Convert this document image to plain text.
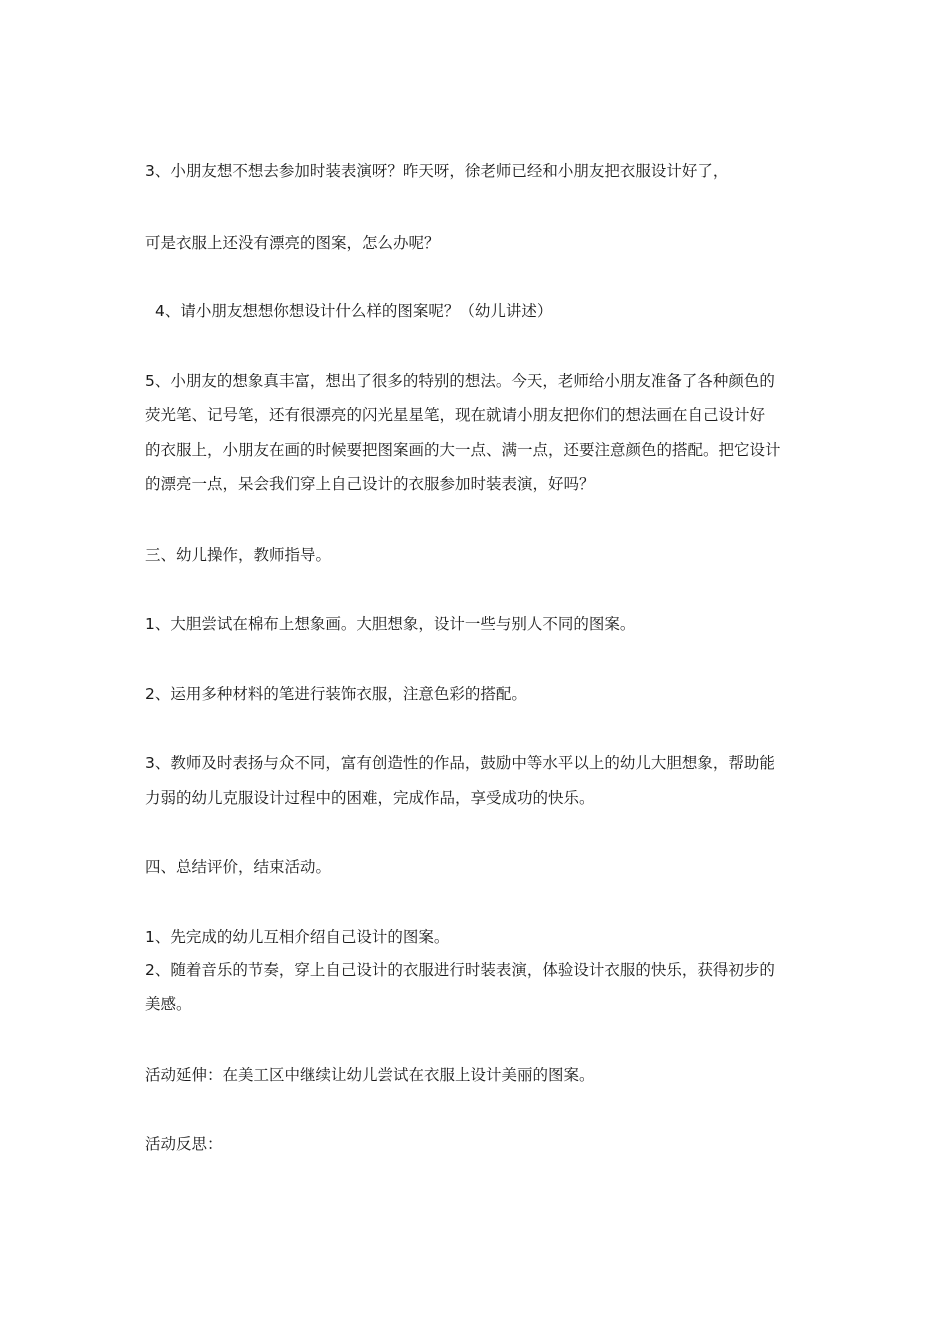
3、小朋友想不想去参加时装表演呀？昨天呀，徐老师已经和小朋友把衣服设计好了，
可是衣服上还没有漂亮的图案，怎么办呢？
4、请小朋友想想你想设计什么样的图案呢？（幼儿讲述）
5、小朋友的想象真丰富，想出了很多的特别的想法。今天，老师给小朋友准备了各种颜色的
荧光笔、记号笔，还有很漂亮的闪光星星笔，现在就请小朋友把你们的想法画在自己设计好
的衣服上，小朋友在画的时候要把图案画的大一点、满一点，还要注意颜色的搭配。把它设计
的漂亮一点，呆会我们穿上自己设计的衣服参加时装表演，好吗？
三、幼儿操作，教师指导。
1、大胆尝试在棉布上想象画。大胆想象，设计一些与别人不同的图案。
2、运用多种材料的笔进行装饰衣服，注意色彩的搭配。
3、教师及时表扬与众不同，富有创造性的作品，鼓励中等水平以上的幼儿大胆想象，帮助能
力弱的幼儿克服设计过程中的困难，完成作品，享受成功的快乐。
四、总结评价，结束活动。
1、先完成的幼儿互相介绍自己设计的图案。
2、随着音乐的节奏，穿上自己设计的衣服进行时装表演，体验设计衣服的快乐，获得初步的
美感。
活动延伸：在美工区中继续让幼儿尝试在衣服上设计美丽的图案。
活动反思：
